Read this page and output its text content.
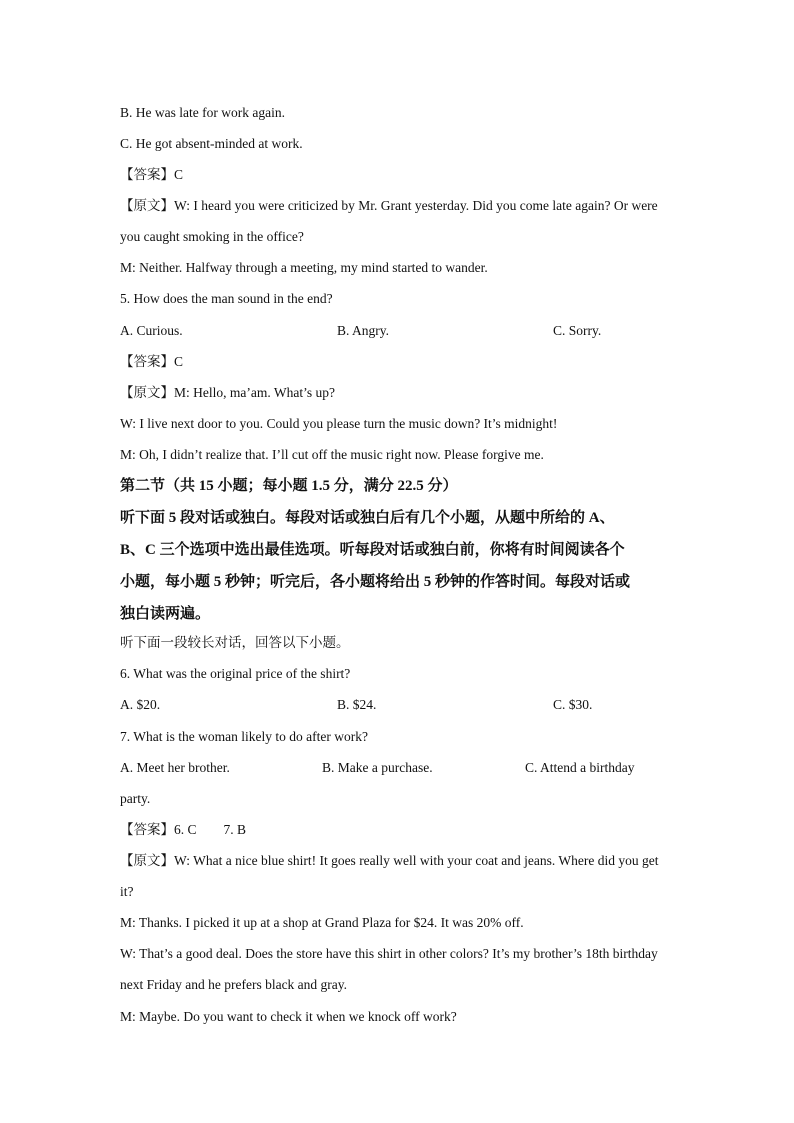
B. He was late for work again.
C. He got absent-minded at work.
【答案】C
【原文】W: I heard you were criticized by Mr. Grant yesterday. Did you come late again? Or were
you caught smoking in the office?
M: Neither. Halfway through a meeting, my mind started to wander.
5. How does the man sound in the end?
A. Curious.	B. Angry.	C. Sorry.
【答案】C
【原文】M: Hello, ma’am. What’s up?
W: I live next door to you. Could you please turn the music down? It’s midnight!
M: Oh, I didn’t realize that. I’ll cut off the music right now. Please forgive me.
第二节（共 15 小题；每小题 1.5 分，满分 22.5 分）
听下面 5 段对话或独白。每段对话或独白后有几个小题，从题中所给的 A、
B、C 三个选项中选出最佳选项。听每段对话或独白前，你将有时间阅读各个
小题，每小题 5 秒钟；听完后，各小题将给出 5 秒钟的作答时间。每段对话或
独白读两遍。
听下面一段较长对话，回答以下小题。
6. What was the original price of the shirt?
A. $20.	B. $24.	C. $30.
7. What is the woman likely to do after work?
A. Meet her brother.	B. Make a purchase.	C. Attend a birthday
party.
【答案】6. C        7. B
【原文】W: What a nice blue shirt! It goes really well with your coat and jeans. Where did you get
it?
M: Thanks. I picked it up at a shop at Grand Plaza for $24. It was 20% off.
W: That’s a good deal. Does the store have this shirt in other colors? It’s my brother’s 18th birthday
next Friday and he prefers black and gray.
M: Maybe. Do you want to check it when we knock off work?
